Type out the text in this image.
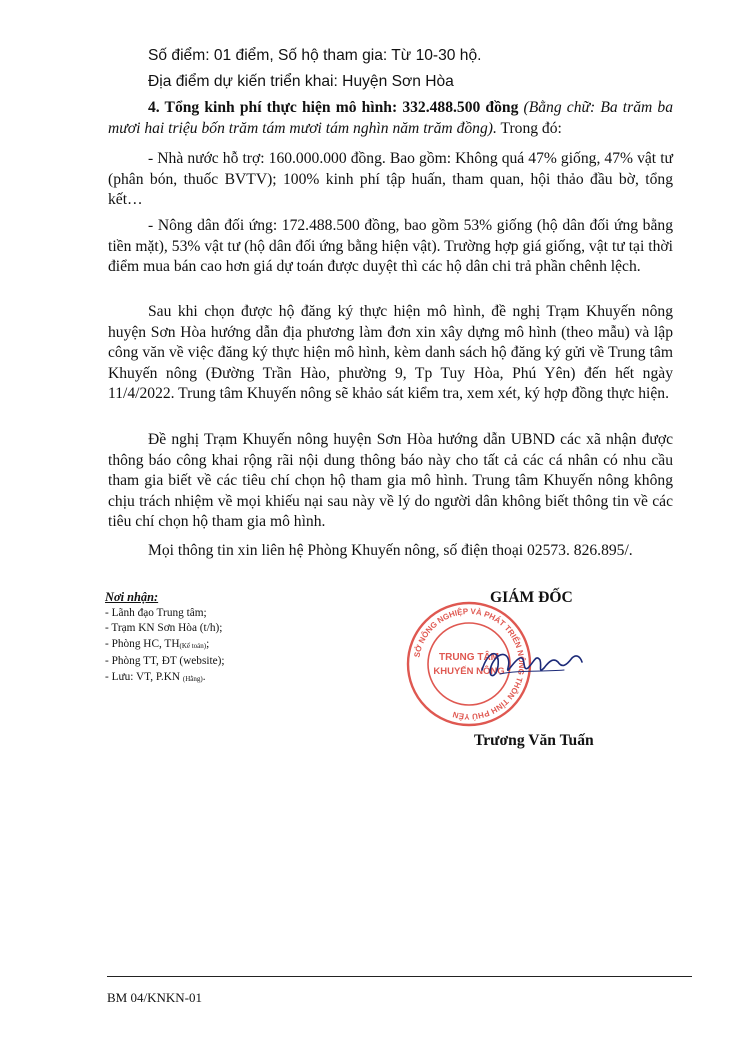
Số điểm: 01 điểm, Số hộ tham gia: Từ 10-30 hộ.
Địa điểm dự kiến triển khai: Huyện Sơn Hòa

4. Tổng kinh phí thực hiện mô hình: 332.488.500 đồng (Bằng chữ: Ba trăm ba mươi hai triệu bốn trăm tám mươi tám nghìn năm trăm đồng). Trong đó:

- Nhà nước hỗ trợ: 160.000.000 đồng. Bao gồm: Không quá 47% giống, 47% vật tư (phân bón, thuốc BVTV); 100% kinh phí tập huấn, tham quan, hội thảo đầu bờ, tổng kết…

- Nông dân đối ứng: 172.488.500 đồng, bao gồm 53% giống (hộ dân đối ứng bằng tiền mặt), 53% vật tư (hộ dân đối ứng bằng hiện vật). Trường hợp giá giống, vật tư tại thời điểm mua bán cao hơn giá dự toán được duyệt thì các hộ dân chi trả phần chênh lệch.

Sau khi chọn được hộ đăng ký thực hiện mô hình, đề nghị Trạm Khuyến nông huyện Sơn Hòa hướng dẫn địa phương làm đơn xin xây dựng mô hình (theo mẫu) và lập công văn về việc đăng ký thực hiện mô hình, kèm danh sách hộ đăng ký gửi về Trung tâm Khuyến nông (Đường Trần Hào, phường 9, Tp Tuy Hòa, Phú Yên) đến hết ngày 11/4/2022. Trung tâm Khuyến nông sẽ khảo sát kiểm tra, xem xét, ký hợp đồng thực hiện.

Đề nghị Trạm Khuyến nông huyện Sơn Hòa hướng dẫn UBND các xã nhận được thông báo công khai rộng rãi nội dung thông báo này cho tất cả các cá nhân có nhu cầu tham gia biết về các tiêu chí chọn hộ tham gia mô hình. Trung tâm Khuyến nông không chịu trách nhiệm về mọi khiếu nại sau này về lý do người dân không biết thông tin về các tiêu chí chọn hộ tham gia mô hình.

Mọi thông tin xin liên hệ Phòng Khuyến nông, số điện thoại 02573. 826.895/.

Nơi nhận:
- Lãnh đạo Trung tâm;
- Trạm KN Sơn Hòa (t/h);
- Phòng HC, TH(Kế toán);
- Phòng TT, ĐT (website);
- Lưu: VT, P.KN (Hằng).
GIÁM ĐỐC
SỞ NÔNG NGHIỆP VÀ PHÁT TRIỂN NÔNG THÔN TỈNH PHÚ YÊN
TRUNG TÂM
KHUYẾN NÔNG
Trương Văn Tuấn
BM 04/KNKN-01
